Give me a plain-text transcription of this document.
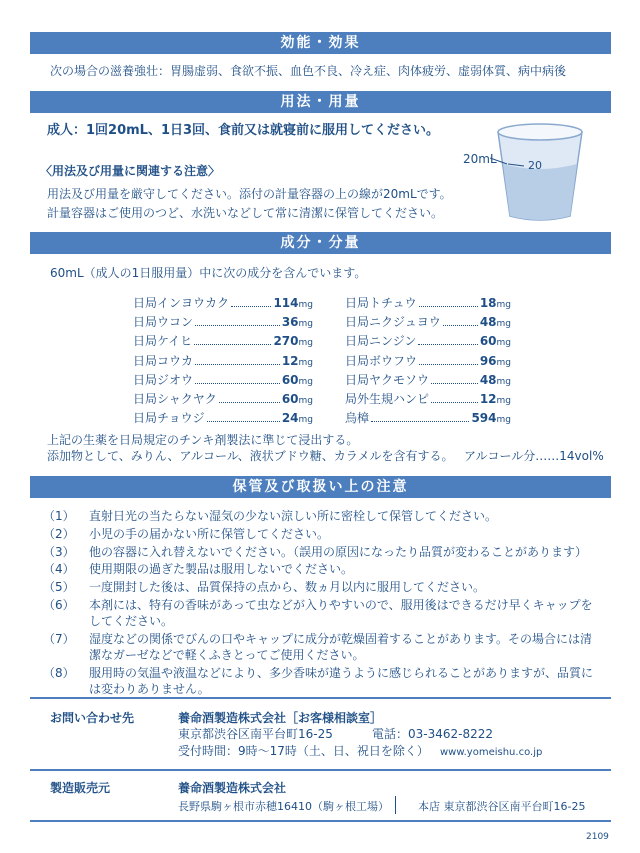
効能・効果
次の場合の滋養強壮：胃腸虚弱、食欲不振、血色不良、冷え症、肉体疲労、虚弱体質、病中病後
用法・用量
成人：1回20mL、1日3回、食前又は就寝前に服用してください。
〈用法及び用量に関連する注意〉
用法及び用量を厳守してください。添付の計量容器の上の線が20mLです。
計量容器はご使用のつど、水洗いなどして常に清潔に保管してください。
20mL	20
成分・分量
60mL（成人の1日服用量）中に次の成分を含んでいます。
日局インヨウカク	114mg
日局ウコン	36mg
日局ケイヒ	270mg
日局コウカ	12mg
日局ジオウ	60mg
日局シャクヤク	60mg
日局チョウジ	24mg
日局トチュウ	18mg
日局ニクジュヨウ	48mg
日局ニンジン	60mg
日局ボウフウ	96mg
日局ヤクモソウ	48mg
局外生規ハンピ	12mg
烏樟	594mg
上記の生薬を日局規定のチンキ剤製法に準じて浸出する。
添加物として、みりん、アルコール、液状ブドウ糖、カラメルを含有する。 アルコール分……14vol%
保管及び取扱い上の注意
（1）	直射日光の当たらない湿気の少ない涼しい所に密栓して保管してください。
（2）	小児の手の届かない所に保管してください。
（3）	他の容器に入れ替えないでください。（誤用の原因になったり品質が変わることがあります）
（4）	使用期限の過ぎた製品は服用しないでください。
（5）	一度開封した後は、品質保持の点から、数ヵ月以内に服用してください。
（6）	本剤には、特有の香味があって虫などが入りやすいので、服用後はできるだけ早くキャップをしてください。
（7）	湿度などの関係でびんの口やキャップに成分が乾燥固着することがあります。その場合には清潔なガーゼなどで軽くふきとってご使用ください。
（8）	服用時の気温や液温などにより、多少香味が違うように感じられることがありますが、品質には変わりありません。
お問い合わせ先	養命酒製造株式会社［お客様相談室］
東京都渋谷区南平台町16-25	電話：03-3462-8222
受付時間：9時～17時（土、日、祝日を除く） www.yomeishu.co.jp
製造販売元	養命酒製造株式会社
長野県駒ヶ根市赤穂16410（駒ヶ根工場）	本店 東京都渋谷区南平台町16-25
2109
